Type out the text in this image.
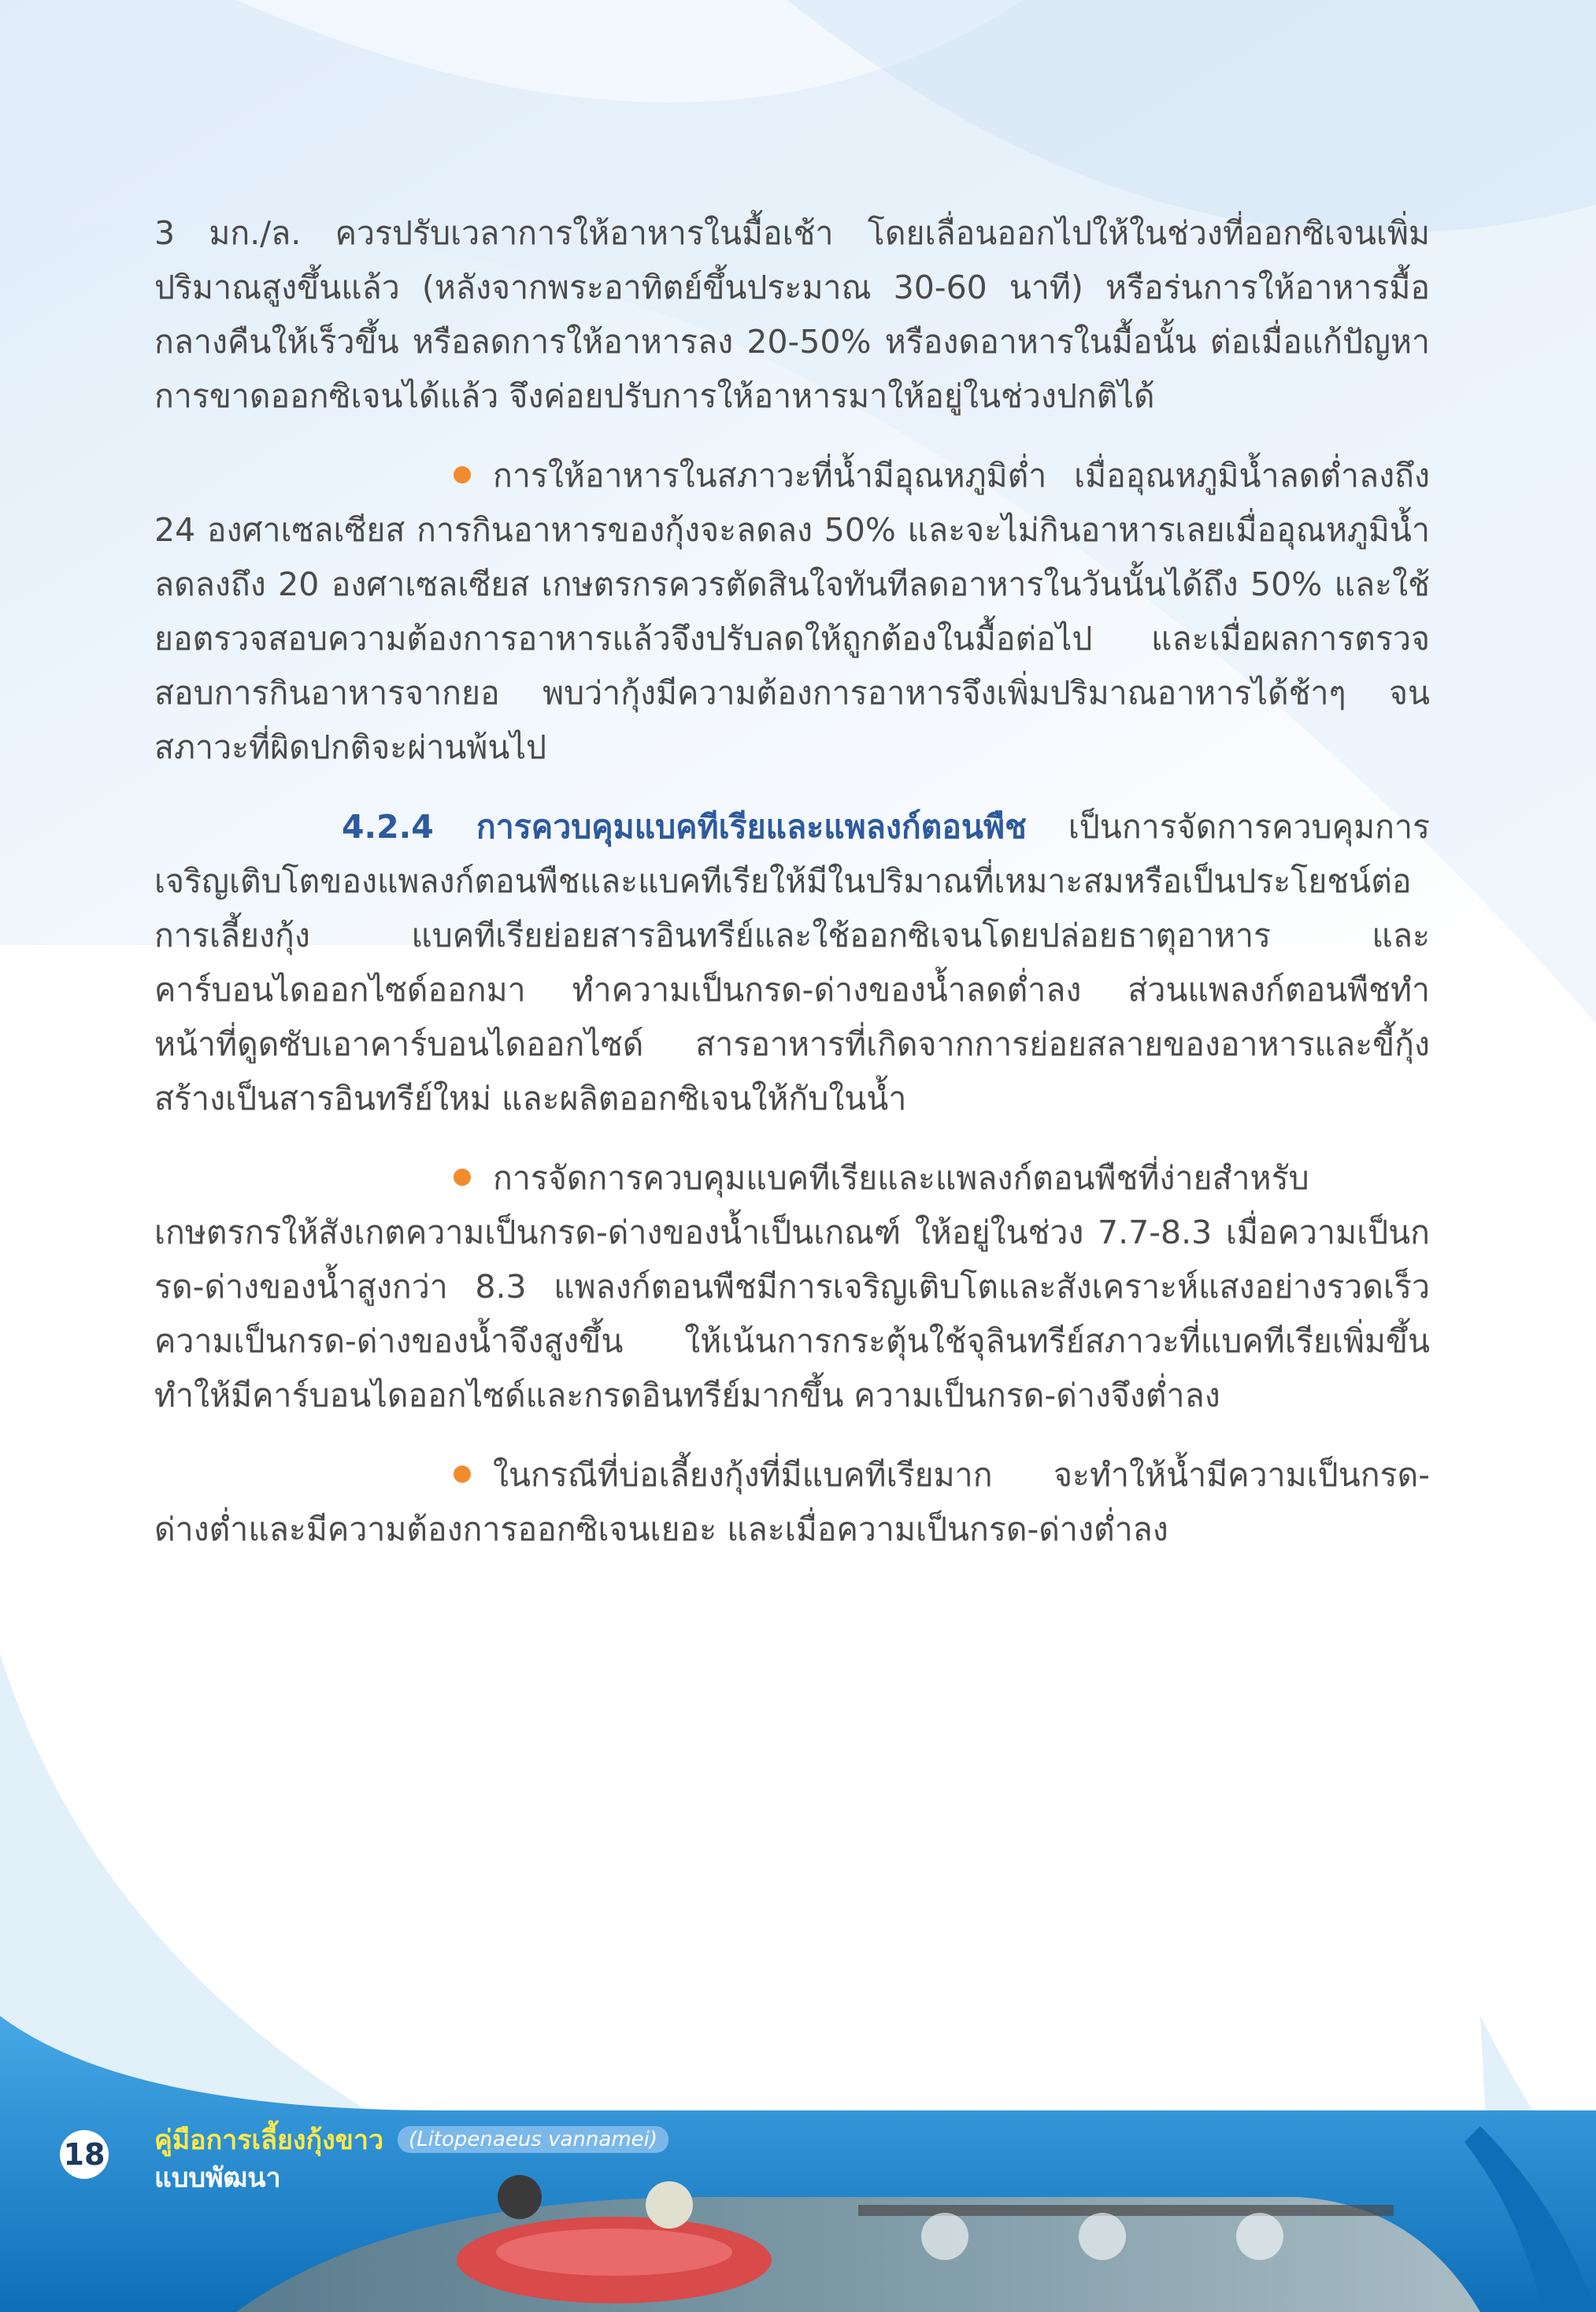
3 มก./ล. ควรปรับเวลาการให้อาหารในมื้อเช้า โดยเลื่อนออกไปให้ในช่วงที่ออกซิเจนเพิ่มปริมาณสูงขึ้นแล้ว (หลังจากพระอาทิตย์ขึ้นประมาณ 30-60 นาที) หรือร่นการให้อาหารมื้อกลางคืนให้เร็วขึ้น หรือลดการให้อาหารลง 20-50% หรืองดอาหารในมื้อนั้น ต่อเมื่อแก้ปัญหาการขาดออกซิเจนได้แล้ว จึงค่อยปรับการให้อาหารมาให้อยู่ในช่วงปกติได้

การให้อาหารในสภาวะที่น้ำมีอุณหภูมิต่ำ เมื่ออุณหภูมิน้ำลดต่ำลงถึง 24 องศาเซลเซียส การกินอาหารของกุ้งจะลดลง 50% และจะไม่กินอาหารเลยเมื่ออุณหภูมิน้ำลดลงถึง 20 องศาเซลเซียส เกษตรกรควรตัดสินใจทันทีลดอาหารในวันนั้นได้ถึง 50% และใช้ยอตรวจสอบความต้องการอาหารแล้วจึงปรับลดให้ถูกต้องในมื้อต่อไป และเมื่อผลการตรวจสอบการกินอาหารจากยอ พบว่ากุ้งมีความต้องการอาหารจึงเพิ่มปริมาณอาหารได้ช้าๆ จนสภาวะที่ผิดปกติจะผ่านพ้นไป

4.2.4 การควบคุมแบคทีเรียและแพลงก์ตอนพืช เป็นการจัดการควบคุมการเจริญเติบโตของแพลงก์ตอนพืชและแบคทีเรียให้มีในปริมาณที่เหมาะสมหรือเป็นประโยชน์ต่อการเลี้ยงกุ้ง แบคทีเรียย่อยสารอินทรีย์และใช้ออกซิเจนโดยปล่อยธาตุอาหาร และคาร์บอนไดออกไซด์ออกมา ทำความเป็นกรด-ด่างของน้ำลดต่ำลง ส่วนแพลงก์ตอนพืชทำหน้าที่ดูดซับเอาคาร์บอนไดออกไซด์ สารอาหารที่เกิดจากการย่อยสลายของอาหารและขี้กุ้ง สร้างเป็นสารอินทรีย์ใหม่ และผลิตออกซิเจนให้กับในน้ำ

การจัดการควบคุมแบคทีเรียและแพลงก์ตอนพืชที่ง่ายสำหรับเกษตรกรให้สังเกตความเป็นกรด-ด่างของน้ำเป็นเกณฑ์ ให้อยู่ในช่วง 7.7-8.3 เมื่อความเป็นกรด-ด่างของน้ำสูงกว่า 8.3 แพลงก์ตอนพืชมีการเจริญเติบโตและสังเคราะห์แสงอย่างรวดเร็ว ความเป็นกรด-ด่างของน้ำจึงสูงขึ้น ให้เน้นการกระตุ้นใช้จุลินทรีย์สภาวะที่แบคทีเรียเพิ่มขึ้นทำให้มีคาร์บอนไดออกไซด์และกรดอินทรีย์มากขึ้น ความเป็นกรด-ด่างจึงต่ำลง

ในกรณีที่บ่อเลี้ยงกุ้งที่มีแบคทีเรียมาก จะทำให้น้ำมีความเป็นกรด-ด่างต่ำและมีความต้องการออกซิเจนเยอะ และเมื่อความเป็นกรด-ด่างต่ำลง

18 คู่มือการเลี้ยงกุ้งขาว (Litopenaeus vannamei)
แบบพัฒนา
